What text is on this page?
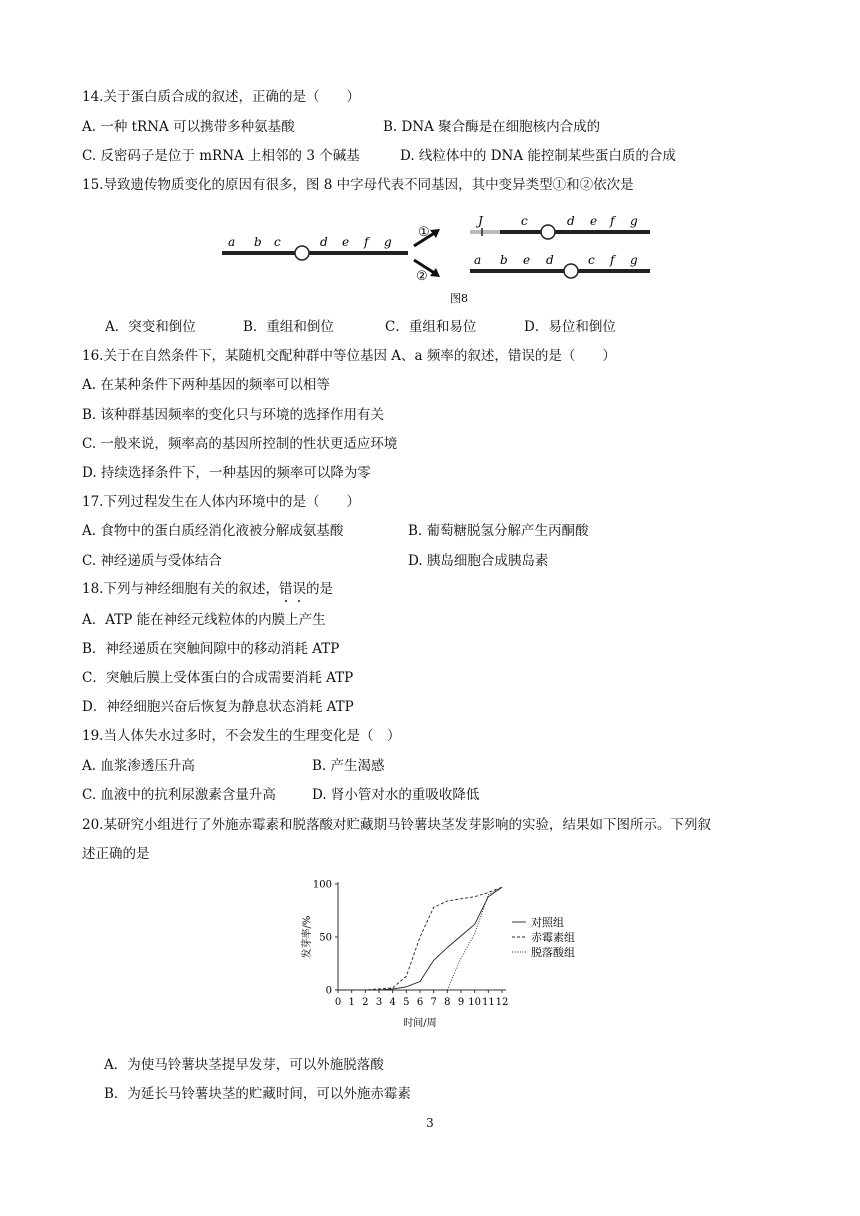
14.关于蛋白质合成的叙述，正确的是（　　）
A. 一种 tRNA 可以携带多种氨基酸	B. DNA 聚合酶是在细胞核内合成的
C. 反密码子是位于 mRNA 上相邻的 3 个碱基	D. 线粒体中的 DNA 能控制某些蛋白质的合成
15.导致遗传物质变化的原因有很多，图 8 中字母代表不同基因，其中变异类型①和②依次是
a b c	d e f g
①
②
J	c	d e f g
a b e d	c f g
图8
A．突变和倒位	B．重组和倒位	C．重组和易位	D．易位和倒位
16.关于在自然条件下，某随机交配种群中等位基因 A、a 频率的叙述，错误的是（　　）
A. 在某种条件下两种基因的频率可以相等
B. 该种群基因频率的变化只与环境的选择作用有关
C. 一般来说，频率高的基因所控制的性状更适应环境
D. 持续选择条件下，一种基因的频率可以降为零
17.下列过程发生在人体内环境中的是（　　）
A. 食物中的蛋白质经消化液被分解成氨基酸	B. 葡萄糖脱氢分解产生丙酮酸
C. 神经递质与受体结合	D. 胰岛细胞合成胰岛素
18.下列与神经细胞有关的叙述，错误的是
A．ATP 能在神经元线粒体的内膜上产生
B．神经递质在突触间隙中的移动消耗 ATP
C．突触后膜上受体蛋白的合成需要消耗 ATP
D．神经细胞兴奋后恢复为静息状态消耗 ATP
19.当人体失水过多时，不会发生的生理变化是（　）
A. 血浆渗透压升高	B. 产生渴感
C. 血液中的抗利尿激素含量升高	D. 肾小管对水的重吸收降低
20.某研究小组进行了外施赤霉素和脱落酸对贮藏期马铃薯块茎发芽影响的实验，结果如下图所示。下列叙
述正确的是
0
50
100
0 1 2 3 4 5 6 7 8 9 10 11 12
时间/周
发芽率/%	对照组
赤霉素组
脱落酸组
A．为使马铃薯块茎提早发芽，可以外施脱落酸
B．为延长马铃薯块茎的贮藏时间，可以外施赤霉素
3
